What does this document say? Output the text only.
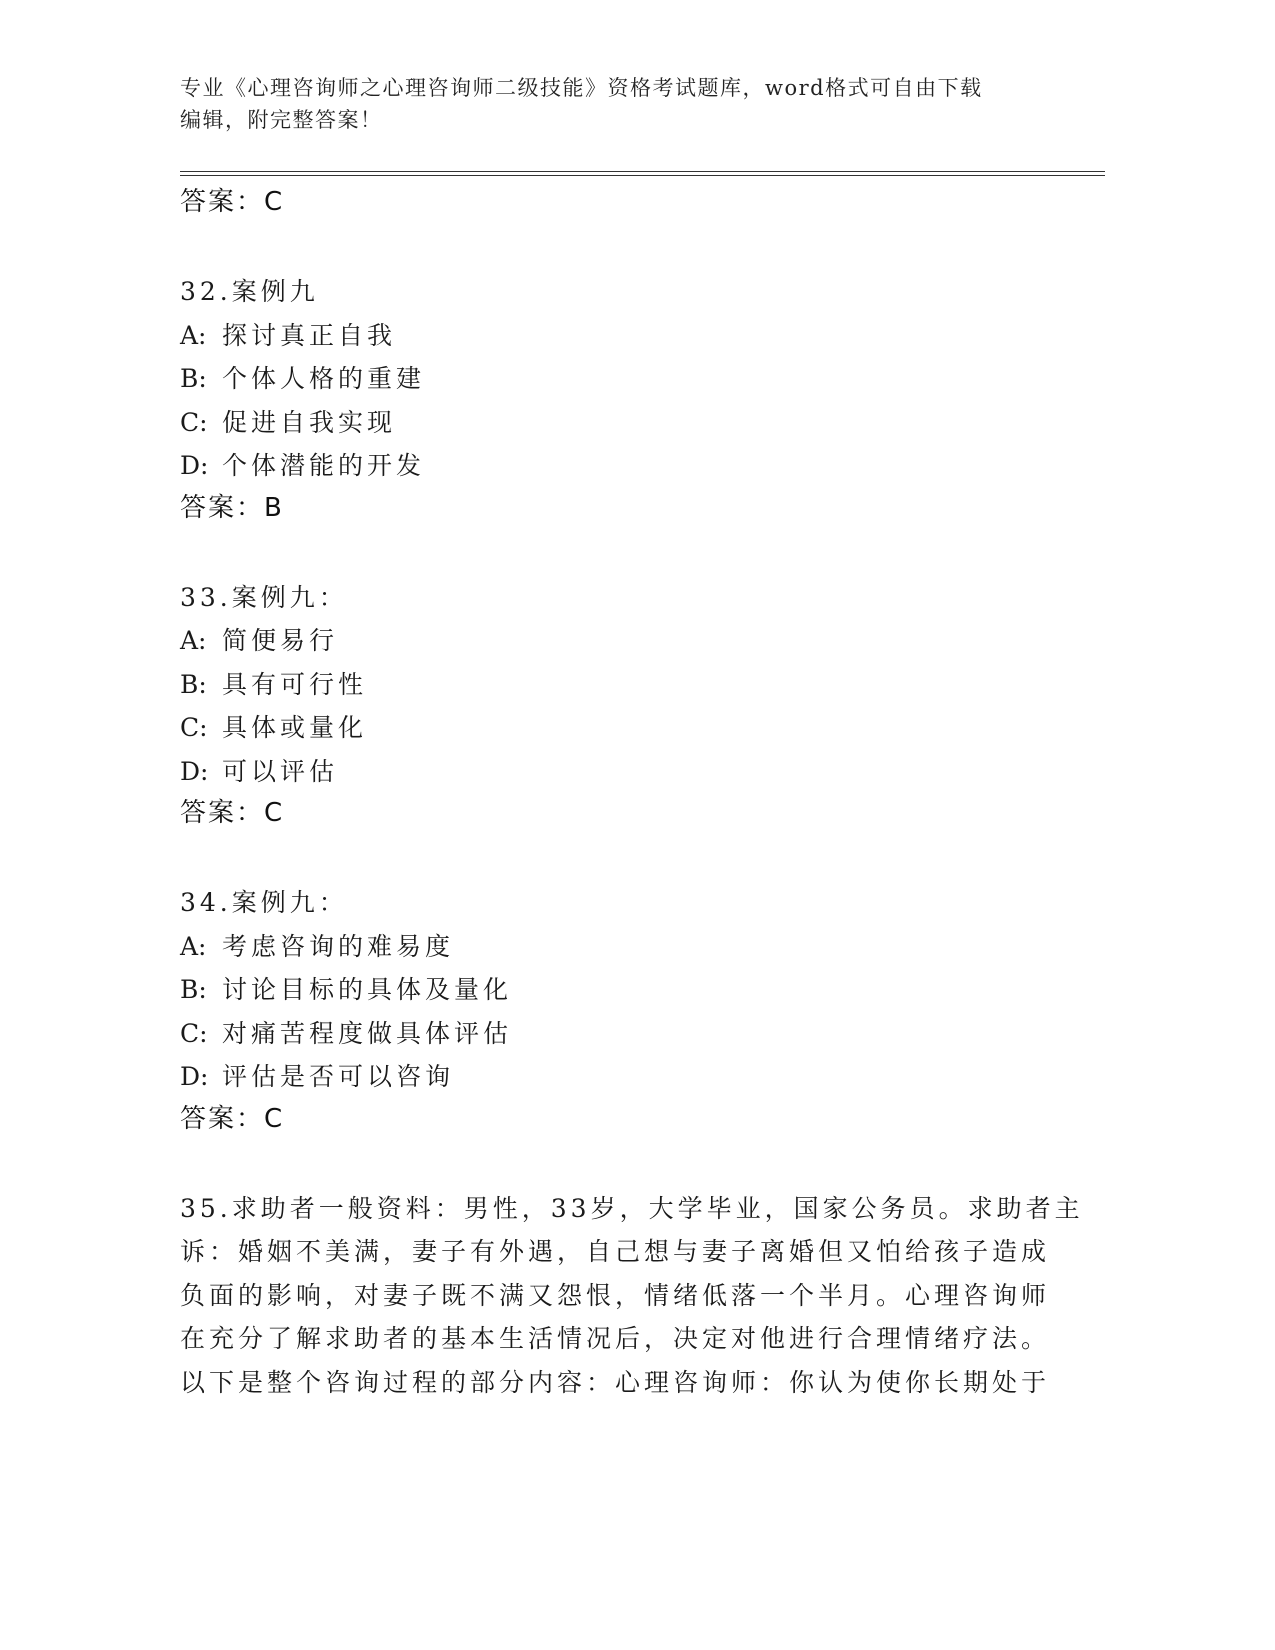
专业《心理咨询师之心理咨询师二级技能》资格考试题库，word格式可自由下载
编辑，附完整答案！
答案：C
32.案例九
A: 探讨真正自我
B: 个体人格的重建
C: 促进自我实现
D: 个体潜能的开发
答案：B
33.案例九：
A: 简便易行
B: 具有可行性
C: 具体或量化
D: 可以评估
答案：C
34.案例九：
A: 考虑咨询的难易度
B: 讨论目标的具体及量化
C: 对痛苦程度做具体评估
D: 评估是否可以咨询
答案：C
35.求助者一般资料：男性，33岁，大学毕业，国家公务员。求助者主
诉：婚姻不美满，妻子有外遇，自己想与妻子离婚但又怕给孩子造成
负面的影响，对妻子既不满又怨恨，情绪低落一个半月。心理咨询师
在充分了解求助者的基本生活情况后，决定对他进行合理情绪疗法。
以下是整个咨询过程的部分内容：心理咨询师：你认为使你长期处于
